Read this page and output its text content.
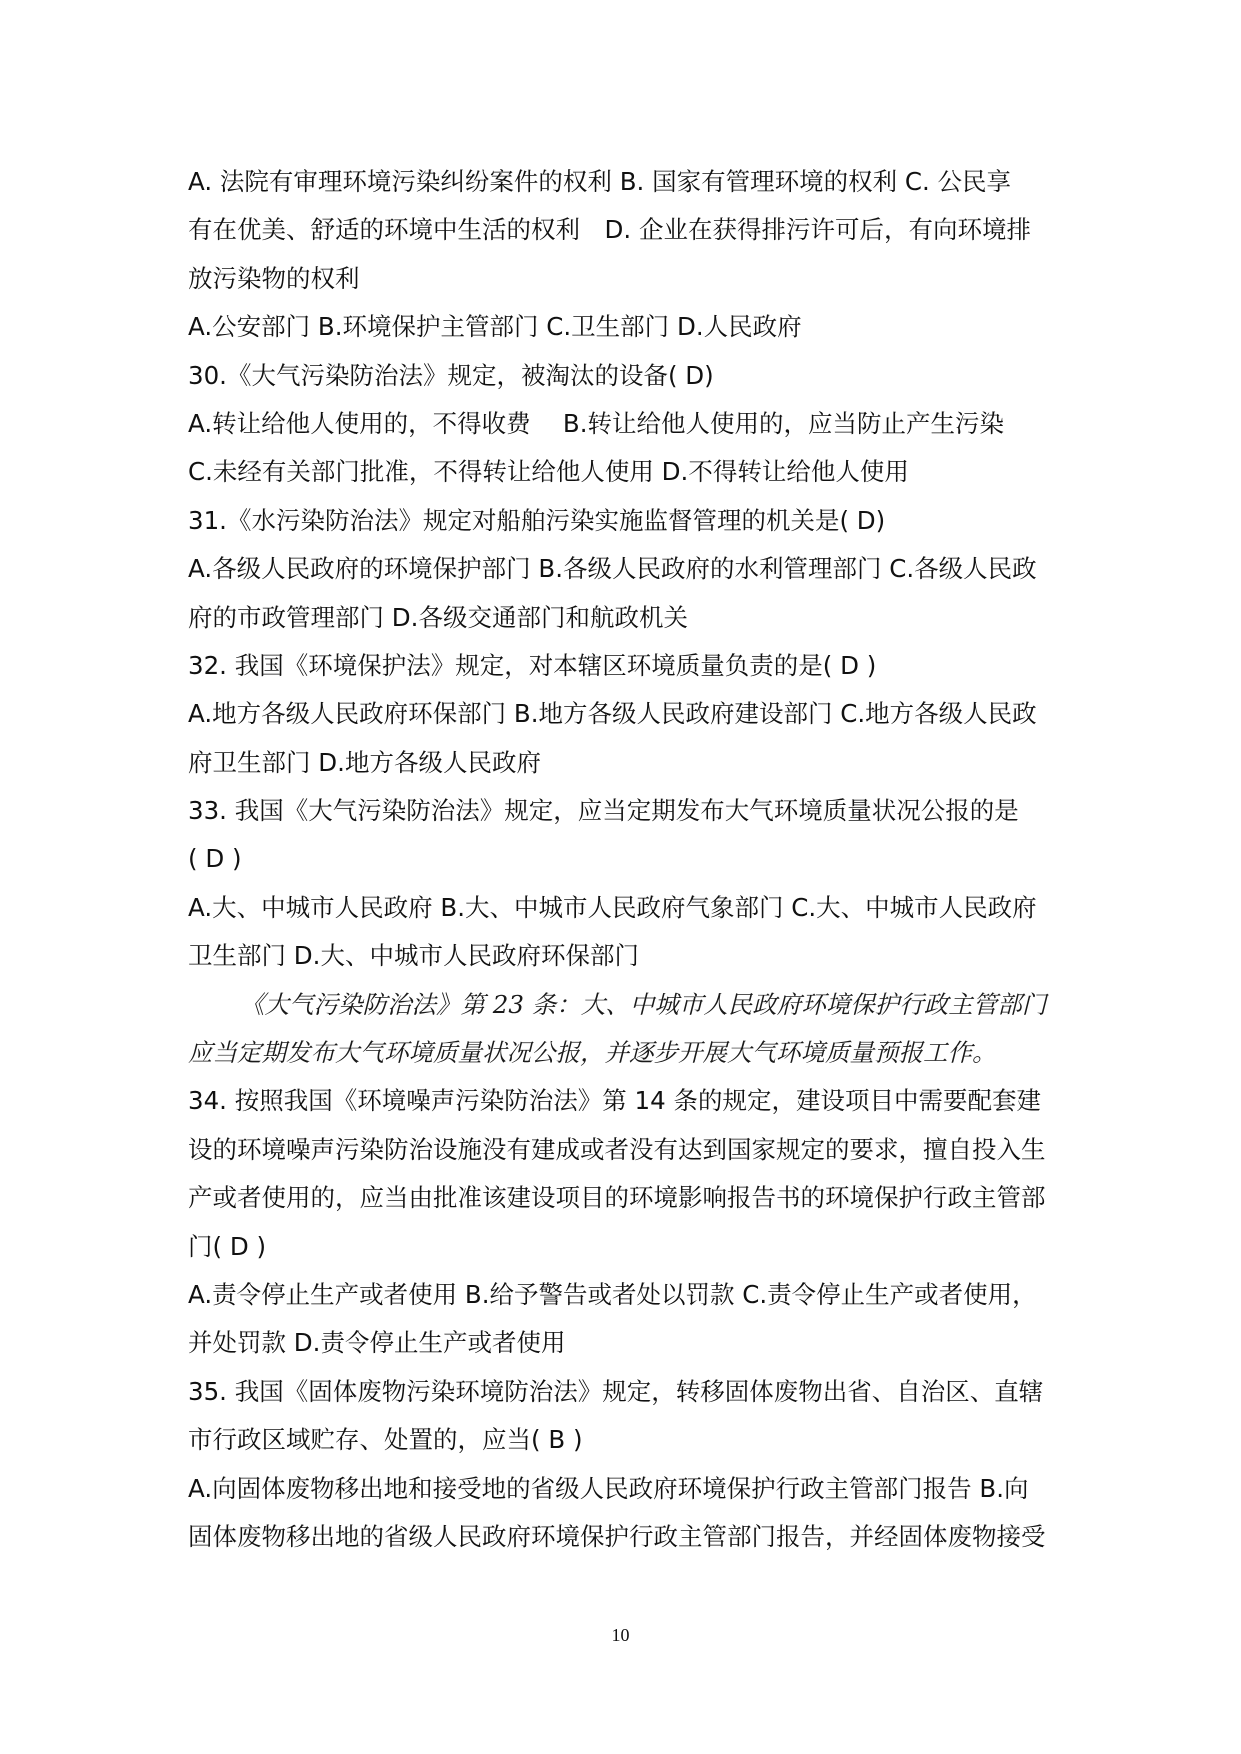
A. 法院有审理环境污染纠纷案件的权利 B. 国家有管理环境的权利 C. 公民享
有在优美、舒适的环境中生活的权利　D. 企业在获得排污许可后，有向环境排
放污染物的权利
A.公安部门 B.环境保护主管部门 C.卫生部门 D.人民政府
30.《大气污染防治法》规定，被淘汰的设备( D)
A.转让给他人使用的，不得收费　 B.转让给他人使用的，应当防止产生污染
C.未经有关部门批准，不得转让给他人使用 D.不得转让给他人使用
31.《水污染防治法》规定对船舶污染实施监督管理的机关是( D)
A.各级人民政府的环境保护部门 B.各级人民政府的水利管理部门 C.各级人民政
府的市政管理部门 D.各级交通部门和航政机关
32. 我国《环境保护法》规定，对本辖区环境质量负责的是( D )
A.地方各级人民政府环保部门 B.地方各级人民政府建设部门 C.地方各级人民政
府卫生部门 D.地方各级人民政府
33. 我国《大气污染防治法》规定，应当定期发布大气环境质量状况公报的是
( D )
A.大、中城市人民政府 B.大、中城市人民政府气象部门 C.大、中城市人民政府
卫生部门 D.大、中城市人民政府环保部门
《大气污染防治法》第 23 条：大、中城市人民政府环境保护行政主管部门
应当定期发布大气环境质量状况公报，并逐步开展大气环境质量预报工作。
34. 按照我国《环境噪声污染防治法》第 14 条的规定，建设项目中需要配套建
设的环境噪声污染防治设施没有建成或者没有达到国家规定的要求，擅自投入生
产或者使用的，应当由批准该建设项目的环境影响报告书的环境保护行政主管部
门( D )
A.责令停止生产或者使用 B.给予警告或者处以罚款 C.责令停止生产或者使用，
并处罚款 D.责令停止生产或者使用
35. 我国《固体废物污染环境防治法》规定，转移固体废物出省、自治区、直辖
市行政区域贮存、处置的，应当( B )
A.向固体废物移出地和接受地的省级人民政府环境保护行政主管部门报告 B.向
固体废物移出地的省级人民政府环境保护行政主管部门报告，并经固体废物接受
10
